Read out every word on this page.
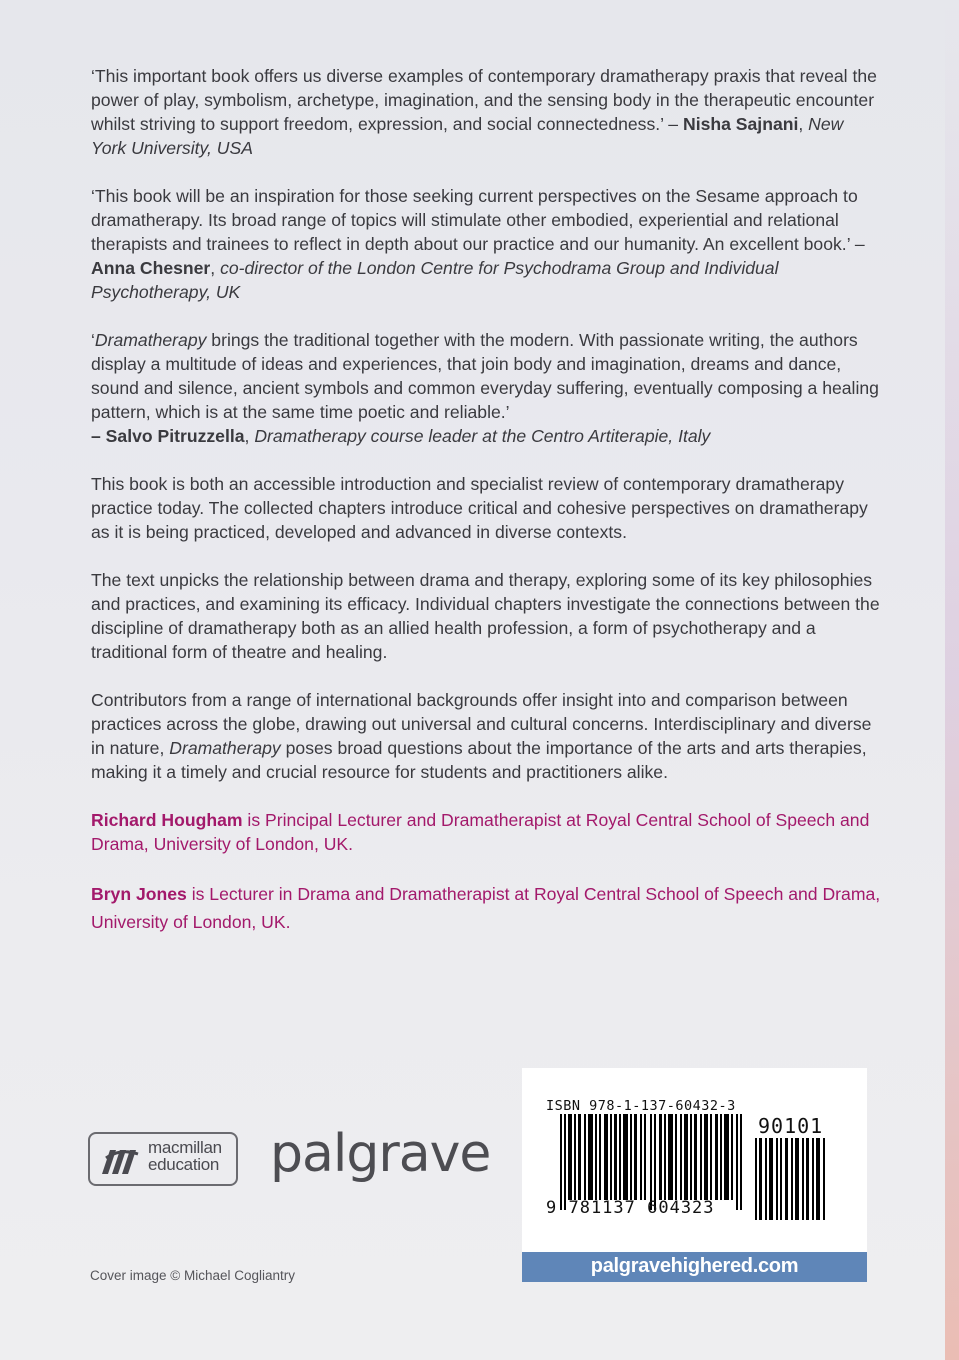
‘This important book offers us diverse examples of contemporary dramatherapy praxis that reveal the power of play, symbolism, archetype, imagination, and the sensing body in the therapeutic encounter whilst striving to support freedom, expression, and social connectedness.’ – Nisha Sajnani, New York University, USA

‘This book will be an inspiration for those seeking current perspectives on the Sesame approach to dramatherapy. Its broad range of topics will stimulate other embodied, experiential and relational therapists and trainees to reflect in depth about our practice and our humanity. An excellent book.’ – Anna Chesner, co-director of the London Centre for Psychodrama Group and Individual Psychotherapy, UK

‘Dramatherapy brings the traditional together with the modern. With passionate writing, the authors display a multitude of ideas and experiences, that join body and imagination, dreams and dance, sound and silence, ancient symbols and common everyday suffering, eventually composing a healing pattern, which is at the same time poetic and reliable.’
– Salvo Pitruzzella, Dramatherapy course leader at the Centro Artiterapie, Italy

This book is both an accessible introduction and specialist review of contemporary dramatherapy practice today. The collected chapters introduce critical and cohesive perspectives on dramatherapy as it is being practiced, developed and advanced in diverse contexts.

The text unpicks the relationship between drama and therapy, exploring some of its key philosophies and practices, and examining its efficacy. Individual chapters investigate the connections between the discipline of dramatherapy both as an allied health profession, a form of psychotherapy and a traditional form of theatre and healing.

Contributors from a range of international backgrounds offer insight into and comparison between practices across the globe, drawing out universal and cultural concerns. Interdisciplinary and diverse in nature, Dramatherapy poses broad questions about the importance of the arts and arts therapies, making it a timely and crucial resource for students and practitioners alike.

Richard Hougham is Principal Lecturer and Dramatherapist at Royal Central School of Speech and Drama, University of London, UK.

Bryn Jones is Lecturer in Drama and Dramatherapist at Royal Central School of Speech and Drama, University of London, UK.

macmillan
education palgrave
ISBN 978-1-137-60432-3
9 781137 604323
90101
palgravehighered.com
Cover image © Michael Cogliantry
